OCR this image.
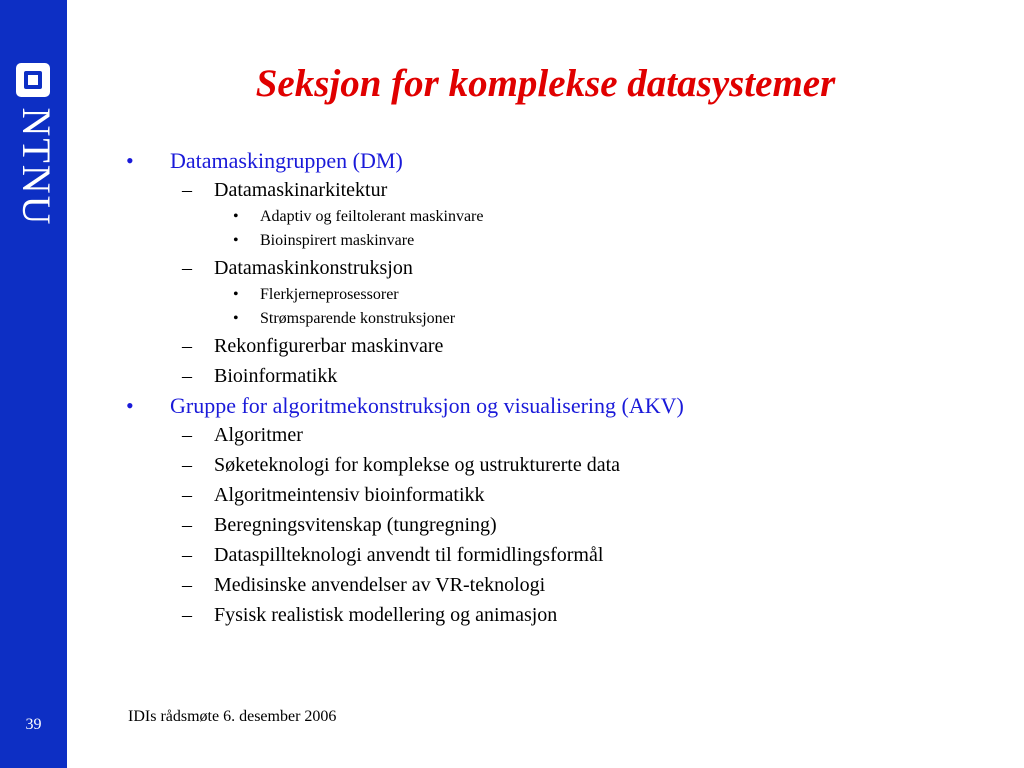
NTNU
39
Seksjon for komplekse datasystemer
• Datamaskingruppen (DM)
– Datamaskinarkitektur
• Adaptiv og feiltolerant maskinvare
• Bioinspirert maskinvare
– Datamaskinkonstruksjon
• Flerkjerneprosessorer
• Strømsparende konstruksjoner
– Rekonfigurerbar maskinvare
– Bioinformatikk
• Gruppe for algoritmekonstruksjon og visualisering (AKV)
– Algoritmer
– Søketeknologi for komplekse og ustrukturerte data
– Algoritmeintensiv bioinformatikk
– Beregningsvitenskap (tungregning)
– Dataspillteknologi anvendt til formidlingsformål
– Medisinske anvendelser av VR-teknologi
– Fysisk realistisk modellering og animasjon
IDIs rådsmøte 6. desember 2006
